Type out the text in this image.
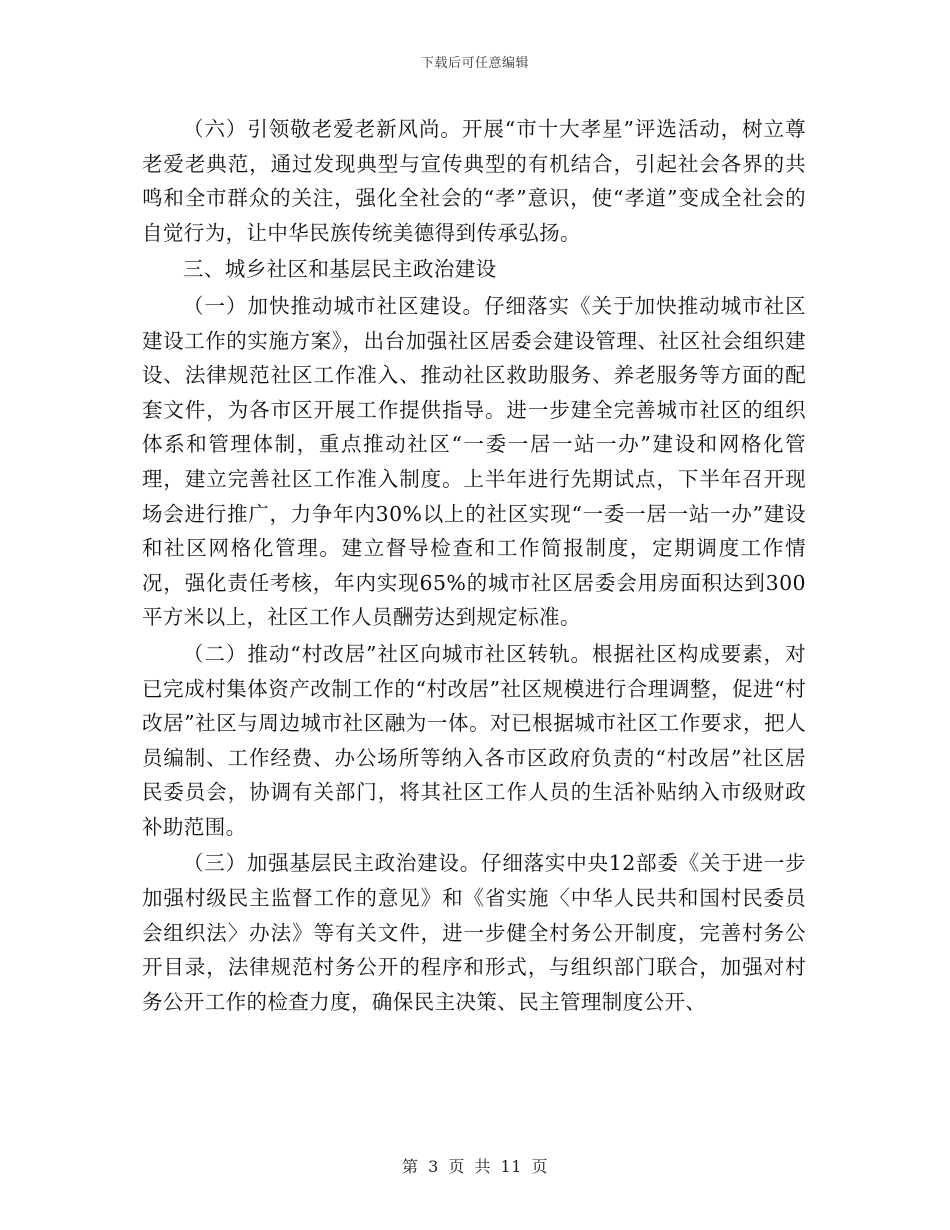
下载后可任意编辑

（六）引领敬老爱老新风尚。开展“市十大孝星”评选活动，树立尊老爱老典范，通过发现典型与宣传典型的有机结合，引起社会各界的共鸣和全市群众的关注，强化全社会的“孝”意识，使“孝道”变成全社会的自觉行为，让中华民族传统美德得到传承弘扬。

三、城乡社区和基层民主政治建设

（一）加快推动城市社区建设。仔细落实《关于加快推动城市社区建设工作的实施方案》，出台加强社区居委会建设管理、社区社会组织建设、法律规范社区工作准入、推动社区救助服务、养老服务等方面的配套文件，为各市区开展工作提供指导。进一步建全完善城市社区的组织体系和管理体制，重点推动社区“一委一居一站一办”建设和网格化管理，建立完善社区工作准入制度。上半年进行先期试点，下半年召开现场会进行推广，力争年内30%以上的社区实现“一委一居一站一办”建设和社区网格化管理。建立督导检查和工作简报制度，定期调度工作情况，强化责任考核，年内实现65%的城市社区居委会用房面积达到300平方米以上，社区工作人员酬劳达到规定标准。

（二）推动“村改居”社区向城市社区转轨。根据社区构成要素，对已完成村集体资产改制工作的“村改居”社区规模进行合理调整，促进“村改居”社区与周边城市社区融为一体。对已根据城市社区工作要求，把人员编制、工作经费、办公场所等纳入各市区政府负责的“村改居”社区居民委员会，协调有关部门，将其社区工作人员的生活补贴纳入市级财政补助范围。

（三）加强基层民主政治建设。仔细落实中央12部委《关于进一步加强村级民主监督工作的意见》和《省实施〈中华人民共和国村民委员会组织法〉办法》等有关文件，进一步健全村务公开制度，完善村务公开目录，法律规范村务公开的程序和形式，与组织部门联合，加强对村务公开工作的检查力度，确保民主决策、民主管理制度公开、

第 3 页 共 11 页
